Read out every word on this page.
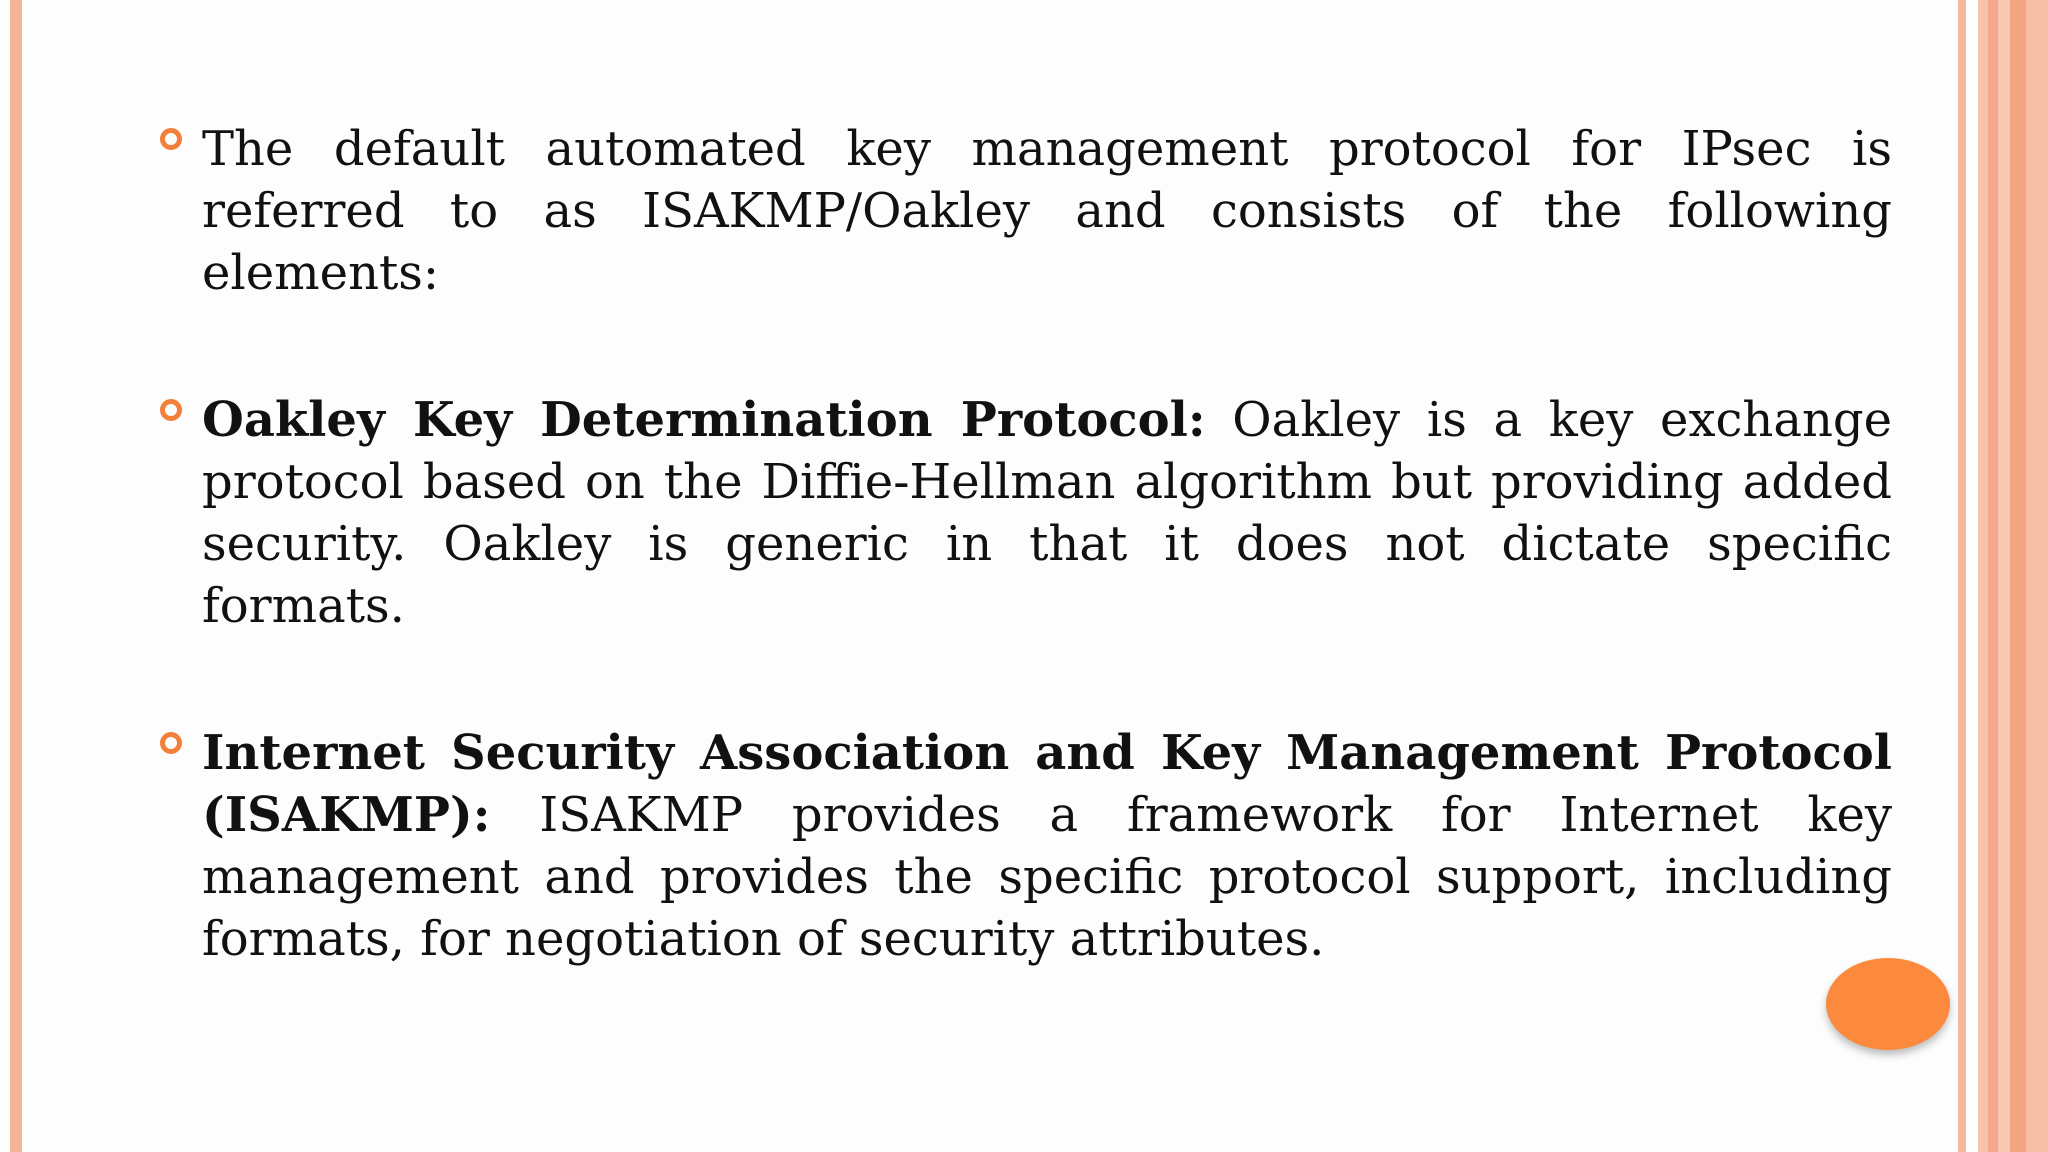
The default automated key management protocol for IPsec is referred to as ISAKMP/Oakley and consists of the following elements:
Oakley Key Determination Protocol: Oakley is a key exchange protocol based on the Diffie-Hellman algorithm but providing added security. Oakley is generic in that it does not dictate specific formats.
Internet Security Association and Key Management Protocol (ISAKMP): ISAKMP provides a framework for Internet key management and provides the specific protocol support, including formats, for negotiation of security attributes.
